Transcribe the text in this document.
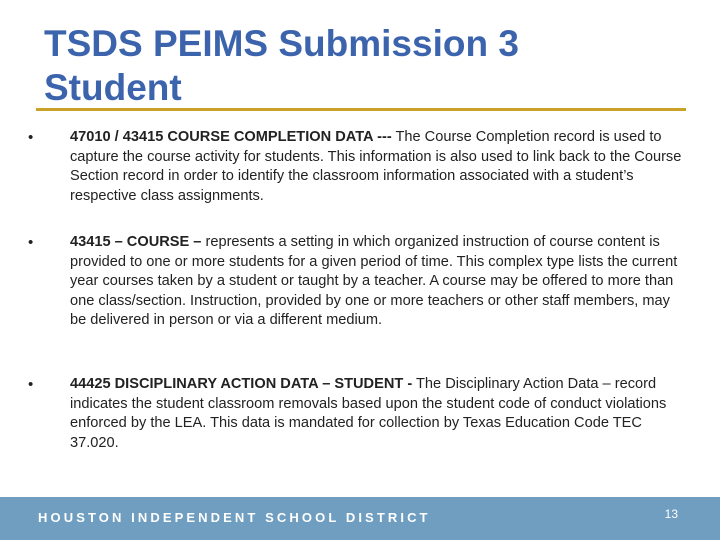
TSDS PEIMS Submission 3
Student
•	47010 / 43415 COURSE COMPLETION DATA --- The Course Completion record is used to capture the course activity for students. This information is also used to link back to the Course Section record in order to identify the classroom information associated with a student’s respective class assignments.
•	43415 – COURSE – represents a setting in which organized instruction of course content is provided to one or more students for a given period of time. This complex type lists the current year courses taken by a student or taught by a teacher. A course may be offered to more than one class/section. Instruction, provided by one or more teachers or other staff members, may be delivered in person or via a different medium.
•	44425 DISCIPLINARY ACTION DATA – STUDENT - The Disciplinary Action Data – record indicates the student classroom removals based upon the student code of conduct violations enforced by the LEA. This data is mandated for collection by Texas Education Code TEC 37.020.
HOUSTON INDEPENDENT SCHOOL DISTRICT	13
